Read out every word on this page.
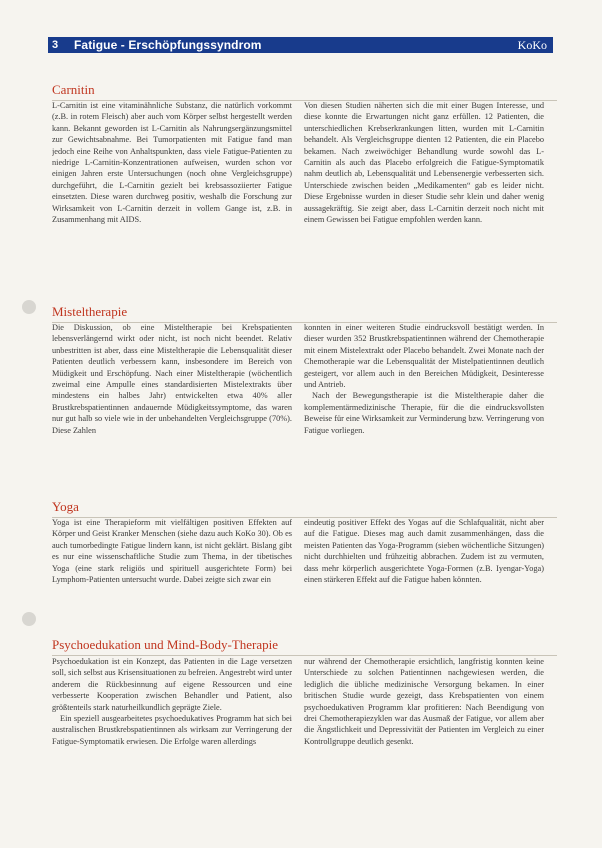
3	Fatigue - Erschöpfungssyndrom	KoKo
Carnitin

L-Carnitin ist eine vitaminähnliche Substanz, die natürlich vorkommt (z.B. in rotem Fleisch) aber auch vom Körper selbst hergestellt werden kann. Bekannt geworden ist L-Carnitin als Nahrungsergänzungsmittel zur Gewichtsabnahme. Bei Tumorpatienten mit Fatigue fand man jedoch eine Reihe von Anhaltspunkten, dass viele Fatigue-Patienten zu niedrige L-Carnitin-Konzentrationen aufweisen, wurden schon vor einigen Jahren erste Untersuchungen (noch ohne Vergleichsgruppe) durchgeführt, die L-Carnitin gezielt bei krebsassoziierter Fatigue einsetzten. Diese waren durchweg positiv, weshalb die Forschung zur Wirksamkeit von L-Carnitin derzeit in vollem Gange ist, z.B. in Zusammenhang mit AIDS.

Von diesen Studien näherten sich die mit einer Bugen Interesse, und diese konnte die Erwartungen nicht ganz erfüllen. 12 Patienten, die unterschiedlichen Krebserkrankungen litten, wurden mit L-Carnitin behandelt. Als Vergleichsgruppe dienten 12 Patienten, die ein Placebo bekamen. Nach zweiwöchiger Behandlung wurde sowohl das L-Carnitin als auch das Placebo erfolgreich die Fatigue-Symptomatik nahm deutlich ab, Lebensqualität und Lebensenergie verbesserten sich. Unterschiede zwischen beiden „Medikamenten“ gab es leider nicht. Diese Ergebnisse wurden in dieser Studie sehr klein und daher wenig aussagekräftig. Sie zeigt aber, dass L-Carnitin derzeit noch nicht mit einem Gewissen bei Fatigue empfohlen werden kann.

Misteltherapie

Die Diskussion, ob eine Misteltherapie bei Krebspatienten lebensverlängernd wirkt oder nicht, ist noch nicht beendet. Relativ unbestritten ist aber, dass eine Misteltherapie die Lebensqualität dieser Patienten deutlich verbessern kann, insbesondere im Bereich von Müdigkeit und Erschöpfung. Nach einer Misteltherapie (wöchentlich zweimal eine Ampulle eines standardisierten Mistelextrakts über mindestens ein halbes Jahr) entwickelten etwa 40% aller Brustkrebspatientinnen andauernde Müdigkeitssymptome, das waren nur gut halb so viele wie in der unbehandelten Vergleichsgruppe (70%). Diese Zahlen

konnten in einer weiteren Studie eindrucksvoll bestätigt werden. In dieser wurden 352 Brustkrebspatientinnen während der Chemotherapie mit einem Mistelextrakt oder Placebo behandelt. Zwei Monate nach der Chemotherapie war die Lebensqualität der Mistelpatientinnen deutlich gesteigert, vor allem auch in den Bereichen Müdigkeit, Desinteresse und Antrieb.

Nach der Bewegungstherapie ist die Misteltherapie daher die komplementärmedizinische Therapie, für die die eindrucksvollsten Beweise für eine Wirksamkeit zur Verminderung bzw. Verringerung von Fatigue vorliegen.

Yoga

Yoga ist eine Therapieform mit vielfältigen positiven Effekten auf Körper und Geist Kranker Menschen (siehe dazu auch KoKo 30). Ob es auch tumorbedingte Fatigue lindern kann, ist nicht geklärt. Bislang gibt es nur eine wissenschaftliche Studie zum Thema, in der tibetisches Yoga (eine stark religiös und spirituell ausgerichtete Form) bei Lymphom-Patienten untersucht wurde. Dabei zeigte sich zwar ein

eindeutig positiver Effekt des Yogas auf die Schlafqualität, nicht aber auf die Fatigue. Dieses mag auch damit zusammenhängen, dass die meisten Patienten das Yoga-Programm (sieben wöchentliche Sitzungen) nicht durchhielten und frühzeitig abbrachen. Zudem ist zu vermuten, dass mehr körperlich ausgerichtete Yoga-Formen (z.B. Iyengar-Yoga) einen stärkeren Effekt auf die Fatigue haben könnten.

Psychoedukation und Mind-Body-Therapie

Psychoedukation ist ein Konzept, das Patienten in die Lage versetzen soll, sich selbst aus Krisensituationen zu befreien. Angestrebt wird unter anderem die Rückbesinnung auf eigene Ressourcen und eine verbesserte Kooperation zwischen Behandler und Patient, also größtenteils stark naturheilkundlich geprägte Ziele.

Ein speziell ausgearbeitetes psychoedukatives Programm hat sich bei australischen Brustkrebspatientinnen als wirksam zur Verringerung der Fatigue-Symptomatik erwiesen. Die Erfolge waren allerdings

nur während der Chemotherapie ersichtlich, langfristig konnten keine Unterschiede zu solchen Patientinnen nachgewiesen werden, die lediglich die übliche medizinische Versorgung bekamen. In einer britischen Studie wurde gezeigt, dass Krebspatienten von einem psychoedukativen Programm klar profitieren: Nach Beendigung von drei Chemotherapiezyklen war das Ausmaß der Fatigue, vor allem aber die Ängstlichkeit und Depressivität der Patienten im Vergleich zu einer Kontrollgruppe deutlich gesenkt.
